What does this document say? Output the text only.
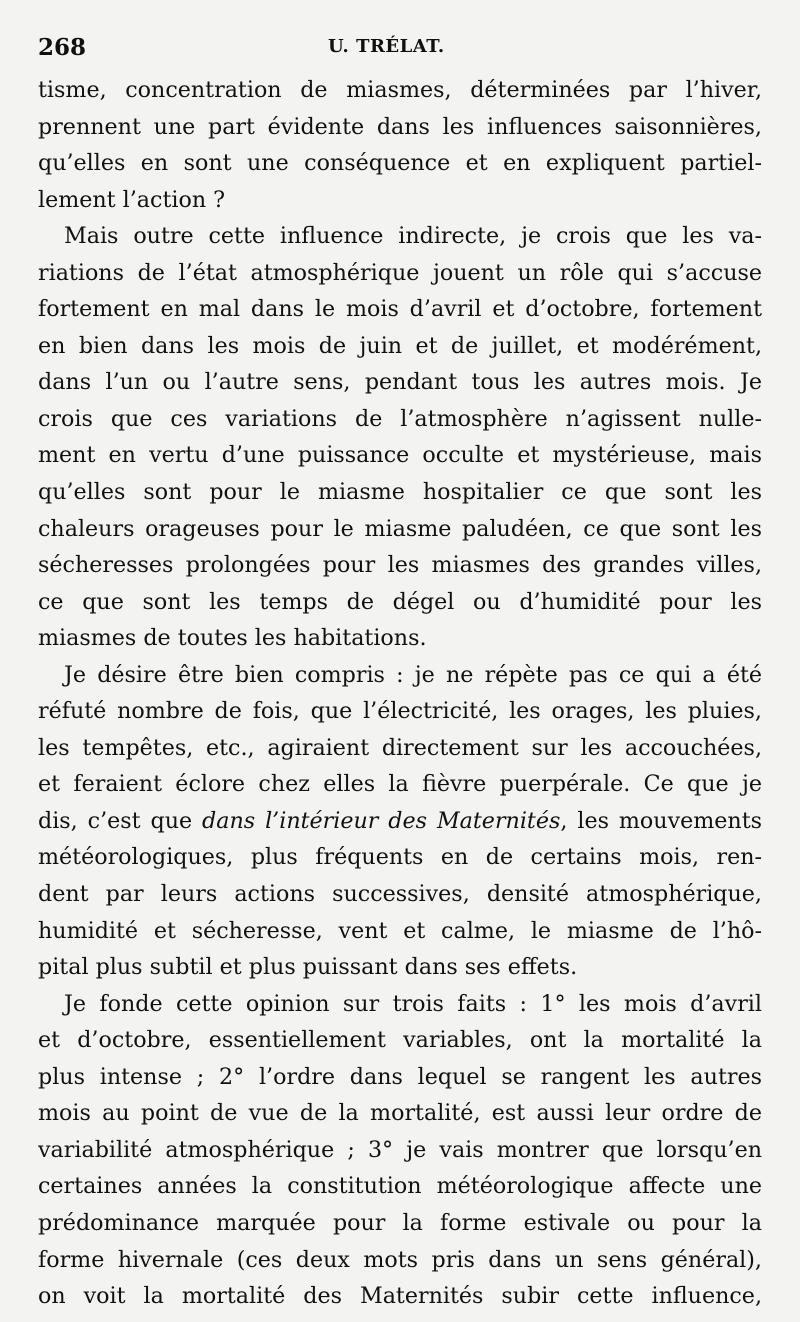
268	U. TRÉLAT.
tisme, concentration de miasmes, déterminées par l’hiver,
prennent une part évidente dans les influences saisonnières,
qu’elles en sont une conséquence et en expliquent partiel-
lement l’action ?
Mais outre cette influence indirecte, je crois que les va-
riations de l’état atmosphérique jouent un rôle qui s’accuse
fortement en mal dans le mois d’avril et d’octobre, fortement
en bien dans les mois de juin et de juillet, et modérément,
dans l’un ou l’autre sens, pendant tous les autres mois. Je
crois que ces variations de l’atmosphère n’agissent nulle-
ment en vertu d’une puissance occulte et mystérieuse, mais
qu’elles sont pour le miasme hospitalier ce que sont les
chaleurs orageuses pour le miasme paludéen, ce que sont les
sécheresses prolongées pour les miasmes des grandes villes,
ce que sont les temps de dégel ou d’humidité pour les
miasmes de toutes les habitations.
Je désire être bien compris : je ne répète pas ce qui a été
réfuté nombre de fois, que l’électricité, les orages, les pluies,
les tempêtes, etc., agiraient directement sur les accouchées,
et feraient éclore chez elles la fièvre puerpérale. Ce que je
dis, c’est que dans l’intérieur des Maternités, les mouvements
météorologiques, plus fréquents en de certains mois, ren-
dent par leurs actions successives, densité atmosphérique,
humidité et sécheresse, vent et calme, le miasme de l’hô-
pital plus subtil et plus puissant dans ses effets.
Je fonde cette opinion sur trois faits : 1° les mois d’avril
et d’octobre, essentiellement variables, ont la mortalité la
plus intense ; 2° l’ordre dans lequel se rangent les autres
mois au point de vue de la mortalité, est aussi leur ordre de
variabilité atmosphérique ; 3° je vais montrer que lorsqu’en
certaines années la constitution météorologique affecte une
prédominance marquée pour la forme estivale ou pour la
forme hivernale (ces deux mots pris dans un sens général),
on voit la mortalité des Maternités subir cette influence,
